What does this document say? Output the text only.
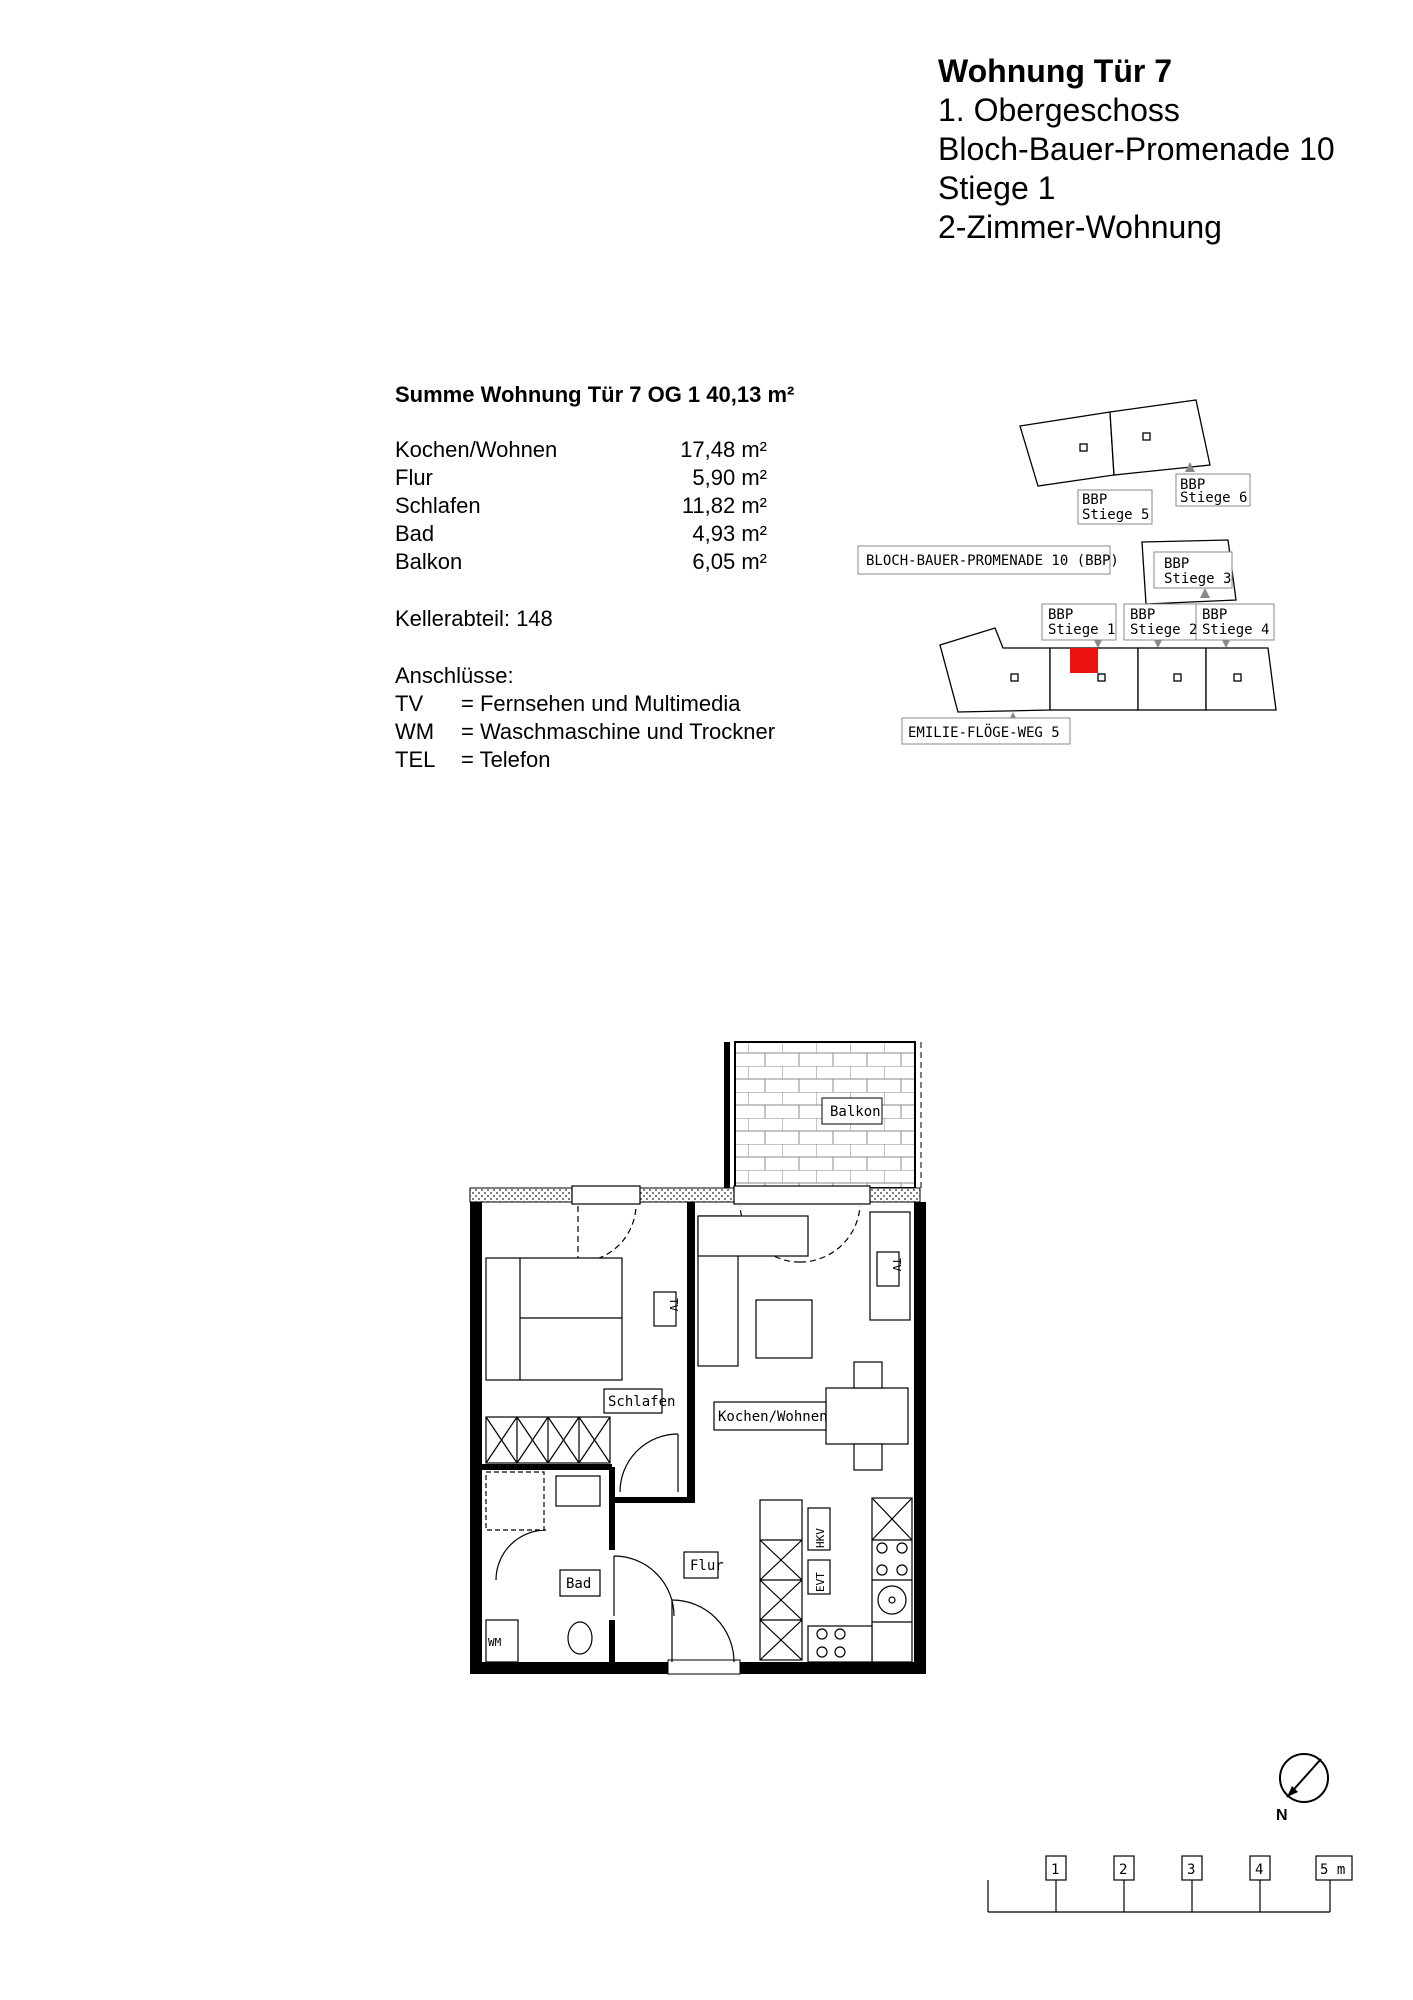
Wohnung Tür 7
1. Obergeschoss
Bloch-Bauer-Promenade 10
Stiege 1
2-Zimmer-Wohnung
Summe Wohnung Tür 7 OG 1 40,13 m²
Kochen/Wohnen	17,48 m²
Flur	5,90 m²
Schlafen	11,82 m²
Bad	4,93 m²
Balkon	6,05 m²
Kellerabteil: 148
Anschlüsse:
TV	= Fernsehen und Multimedia
WM	= Waschmaschine und Trockner
TEL	= Telefon
BBP
Stiege 5
BBP
Stiege 6
BLOCH-BAUER-PROMENADE 10 (BBP)	BBP
Stiege 3
BBP
Stiege 1
BBP
Stiege 2
BBP
Stiege 4
EMILIE-FLÖGE-WEG 5
Balkon
Schlafen
Kochen/Wohnen
Flur
Bad
WM
TV
TV
HKV
EVT
N
1	2	3	4	5 m
